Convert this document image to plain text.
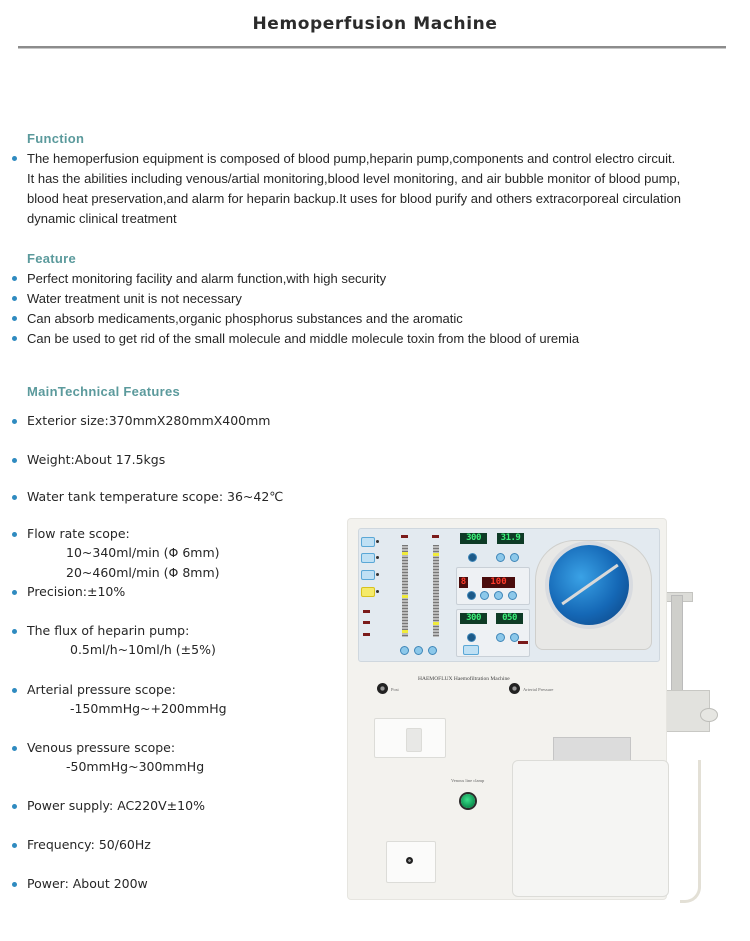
Hemoperfusion Machine
Function
The hemoperfusion equipment is composed of blood pump,heparin pump,components and control electro circuit.
It has the abilities including venous/artial monitoring,blood level monitoring, and air bubble monitor of blood pump,
blood heat preservation,and alarm for heparin backup.It uses for blood purify and others extracorporeal circulation
dynamic clinical treatment
Feature
Perfect monitoring facility and alarm function,with high security
Water treatment unit is not necessary
Can absorb medicaments,organic phosphorus substances and the aromatic
Can be used to get rid of the small molecule and middle molecule toxin from the blood of uremia
MainTechnical Features
Exterior size:370mmX280mmX400mm
Weight:About 17.5kgs
Water tank temperature scope: 36~42℃
Flow rate scope:
10~340ml/min (Φ 6mm)
20~460ml/min (Φ 8mm)
Precision:±10%
The flux of heparin pump:
0.5ml/h~10ml/h (±5%)
Arterial pressure scope:
-150mmHg~+200mmHg
Venous pressure scope:
-50mmHg~300mmHg
Power supply: AC220V±10%
Frequency: 50/60Hz
Power: About 200w
300	31.9
8	100
300	050
HAEMOFLUX Haemofiltration Machine
Post	Arterial Pressure
Venous line clamp
